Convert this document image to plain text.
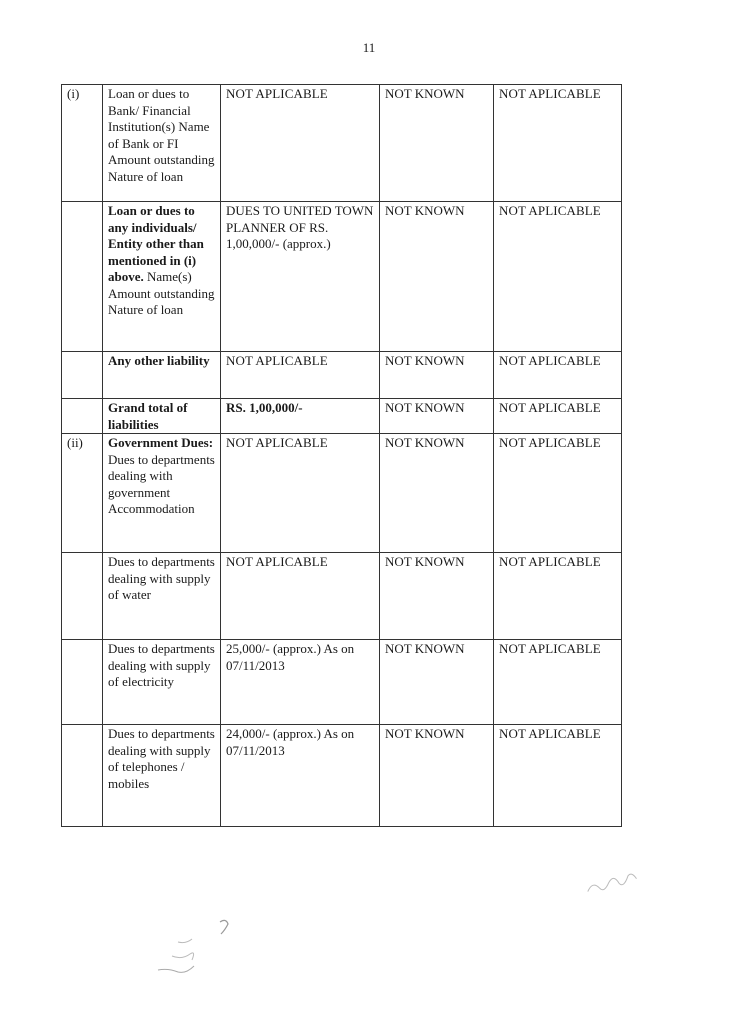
11
(i)	Loan or dues to Bank/ Financial Institution(s) Name of Bank or FI Amount outstanding Nature of loan	NOT APLICABLE	NOT KNOWN	NOT APLICABLE
	Loan or dues to any individuals/ Entity other than mentioned in (i) above. Name(s) Amount outstanding Nature of loan	DUES TO UNITED TOWN PLANNER OF RS. 1,00,000/- (approx.)	NOT KNOWN	NOT APLICABLE
	Any other liability	NOT APLICABLE	NOT KNOWN	NOT APLICABLE
	Grand total of liabilities	RS. 1,00,000/-	NOT KNOWN	NOT APLICABLE
(ii)	Government Dues: Dues to departments dealing with government Accommodation	NOT APLICABLE	NOT KNOWN	NOT APLICABLE
	Dues to departments dealing with supply of water	NOT APLICABLE	NOT KNOWN	NOT APLICABLE
	Dues to departments dealing with supply of electricity	25,000/- (approx.) As on 07/11/2013	NOT KNOWN	NOT APLICABLE
	Dues to departments dealing with supply of telephones / mobiles	24,000/- (approx.) As on 07/11/2013	NOT KNOWN	NOT APLICABLE
